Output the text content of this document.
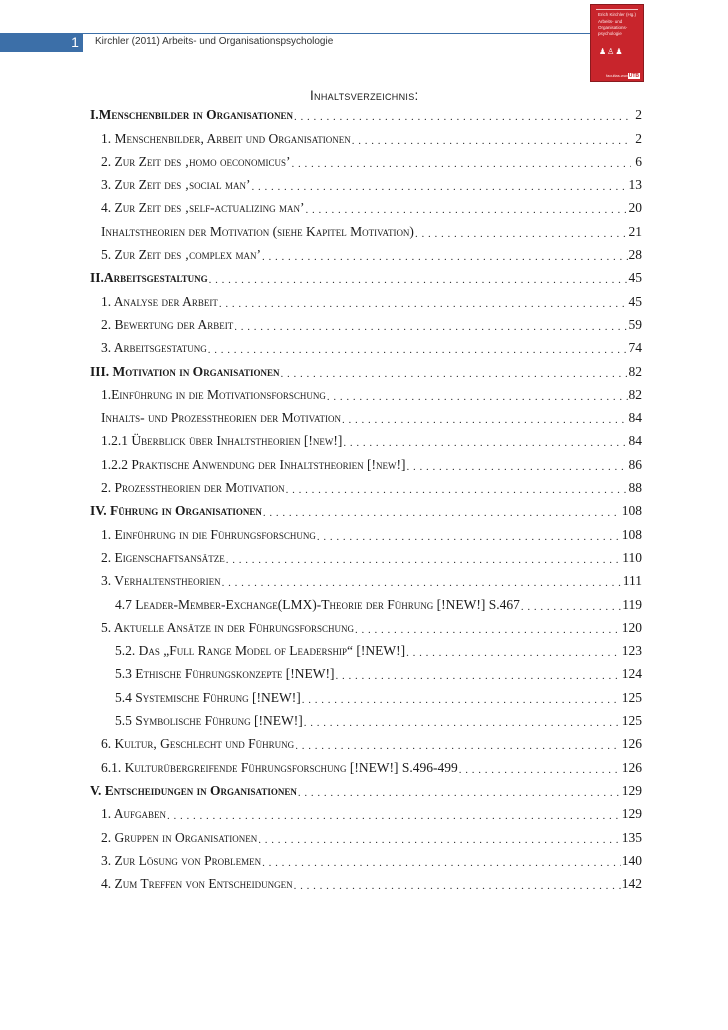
1	Kirchler (2011) Arbeits- und Organisationspsychologie
Erich Kirchler (Hg.)
Arbeits- und
Organisations-
psychologie
♟♙♟
facultas.wuv UTB
Inhaltsverzeichnis:
I.Menschenbilder in Organisationen . . .	2
1. Menschenbilder, Arbeit und Organisationen . . .	2
2. Zur Zeit des ‚homo oeconomicus’ . . .	6
3. Zur Zeit des ‚social man’ . . .	13
4. Zur Zeit des ‚self-actualizing man’ . . .	20
Inhaltstheorien der Motivation (siehe Kapitel Motivation) . . .	21
5. Zur Zeit des ‚complex man’ . . .	28
II.Arbeitsgestaltung . . .	45
1. Analyse der Arbeit . . .	45
2. Bewertung der Arbeit . . .	59
3. Arbeitsgestatung . . .	74
III. Motivation in Organisationen . . .	82
1.Einführung in die Motivationsforschung . . .	82
Inhalts- und Prozesstheorien der Motivation . . .	84
1.2.1 Überblick über Inhaltstheorien [!new!] . . .	84
1.2.2 Praktische Anwendung der Inhaltstheorien [!new!] . . .	86
2. Prozesstheorien der Motivation . . .	88
IV. Führung in Organisationen . . .	108
1. Einführung in die Führungsforschung . . .	108
2. Eigenschaftsansätze . . .	110
3. Verhaltenstheorien . . .	111
4.7 Leader-Member-Exchange(LMX)-Theorie der Führung [!NEW!] S.467 . . .	119
5. Aktuelle Ansätze in der Führungsforschung . . .	120
5.2. Das „Full Range Model of Leadership“ [!NEW!] . . .	123
5.3 Ethische Führungskonzepte [!NEW!] . . .	124
5.4 Systemische Führung [!NEW!] . . .	125
5.5 Symbolische Führung [!NEW!] . . .	125
6. Kultur, Geschlecht und Führung . . .	126
6.1. Kulturübergreifende Führungsforschung [!NEW!] S.496-499 . . .	126
V. Entscheidungen in Organisationen . . .	129
1. Aufgaben . . .	129
2. Gruppen in Organisationen . . .	135
3. Zur Lösung von Problemen . . .	140
4. Zum Treffen von Entscheidungen . . .	142
